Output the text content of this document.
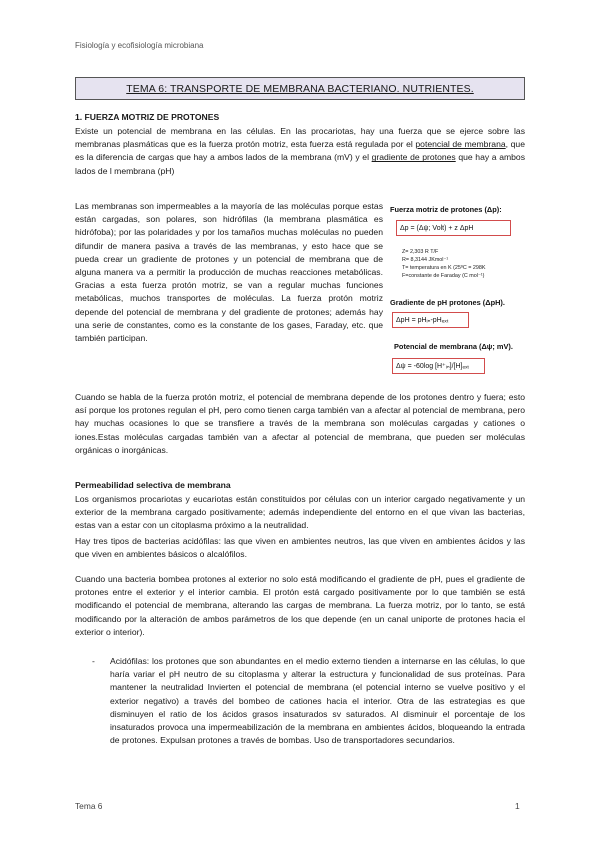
Fisiología y ecofisiología microbiana
TEMA 6: TRANSPORTE DE MEMBRANA BACTERIANO. NUTRIENTES.
1. FUERZA MOTRIZ DE PROTONES
Existe un potencial de membrana en las células. En las procariotas, hay una fuerza que se ejerce sobre las membranas plasmáticas que es la fuerza protón motriz, esta fuerza está regulada por el potencial de membrana, que es la diferencia de cargas que hay a ambos lados de la membrana (mV) y el gradiente de protones que hay a ambos lados de l membrana (pH)
Las membranas son impermeables a la mayoría de las moléculas porque estas están cargadas, son polares, son hidrófilas (la membrana plasmática es hidrófoba); por las polaridades y por los tamaños muchas moléculas no pueden difundir de manera pasiva a través de las membranas, y esto hace que se pueda crear un gradiente de protones y un potencial de membrana que de alguna manera va a permitir la producción de muchas reacciones metabólicas. Gracias a esta fuerza protón motriz, se van a regular muchas funciones metabólicas, muchos transportes de moléculas. La fuerza protón motriz depende del potencial de membrana y del gradiente de protones; además hay una serie de constantes, como es la constante de los gases, Faraday, etc. que también participan.
Fuerza motriz de protones (Δp):
Δp = (Δψ; Volt) + z ΔpH
Z= 2,303 R T/F
R= 8,3144 JKmol⁻¹
T= temperatura en K (25ºC = 298K
F=constante de Faraday (C mol⁻¹)
Gradiente de pH protones (ΔpH).
ΔpH = pHᵢₙ-pHₑₓₜ
Potencial de membrana (Δψ; mV).
Δψ = -60log [H⁺ᵢₙ]/[H]ₑₓₜ
Cuando se habla de la fuerza protón motriz, el potencial de membrana depende de los protones dentro y fuera; esto así porque los protones regulan el pH, pero como tienen carga también van a afectar al potencial de membrana, pero hay muchas ocasiones lo que se transfiere a través de la membrana son moléculas cargadas y cationes o iones.Estas moléculas cargadas también van a afectar al potencial de membrana, que pueden ser moléculas orgánicas o inorgánicas.
Permeabilidad selectiva de membrana
Los organismos procariotas y eucariotas están constituidos por células con un interior cargado negativamente y un exterior de la membrana cargado positivamente; además independiente del entorno en el que vivan las bacterias, estas van a estar con un citoplasma próximo a la neutralidad.
Hay tres tipos de bacterias acidófilas: las que viven en ambientes neutros, las que viven en ambientes ácidos y las que viven en ambientes básicos o alcalófilos.
Cuando una bacteria bombea protones al exterior no solo está modificando el gradiente de pH, pues el gradiente de protones entre el exterior y el interior cambia. El protón está cargado positivamente por lo que también se está modificando el potencial de membrana, alterando las cargas de membrana. La fuerza motriz, por lo tanto, se está modificando por la alteración de ambos parámetros de los que depende (en un canal uniporte de protones hacia el exterior o interior).
- Acidófilas: los protones que son abundantes en el medio externo tienden a internarse en las células, lo que haría variar el pH neutro de su citoplasma y alterar la estructura y funcionalidad de sus proteínas. Para mantener la neutralidad Invierten el potencial de membrana (el potencial interno se vuelve positivo y el exterior negativo) a través del bombeo de cationes hacia el interior. Otra de las estrategias es que disminuyen el ratio de los ácidos grasos insaturados sv saturados. Al disminuir el porcentaje de los insaturados provoca una impermeabilización de la membrana en ambientes ácidos, bloqueando la entrada de protones. Expulsan protones a través de bombas. Uso de transportadores secundarios.
Tema 6	1
